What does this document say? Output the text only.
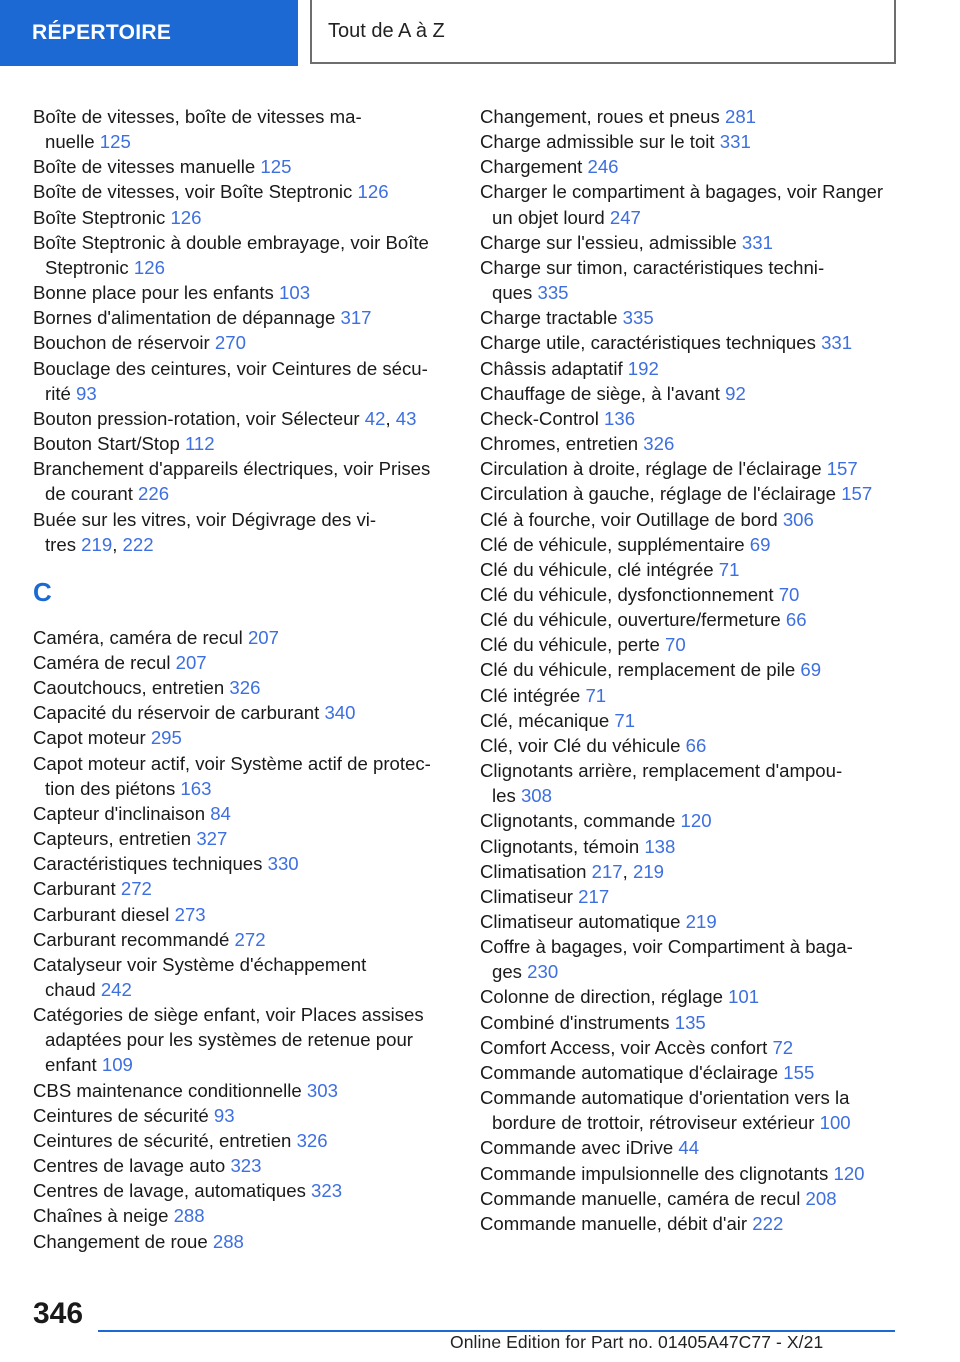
RÉPERTOIRE	Tout de A à Z

Boîte de vitesses, boîte de vitesses ma-
nuelle 125

Boîte de vitesses manuelle 125

Boîte de vitesses, voir Boîte Steptronic 126

Boîte Steptronic 126

Boîte Steptronic à double embrayage, voir Boîte
Steptronic 126

Bonne place pour les enfants 103

Bornes d'alimentation de dépannage 317

Bouchon de réservoir 270

Bouclage des ceintures, voir Ceintures de sécu-
rité 93

Bouton pression-rotation, voir Sélecteur 42, 43

Bouton Start/Stop 112

Branchement d'appareils électriques, voir Prises
de courant 226

Buée sur les vitres, voir Dégivrage des vi-
tres 219, 222

C

Caméra, caméra de recul 207

Caméra de recul 207

Caoutchoucs, entretien 326

Capacité du réservoir de carburant 340

Capot moteur 295

Capot moteur actif, voir Système actif de protec-
tion des piétons 163

Capteur d'inclinaison 84

Capteurs, entretien 327

Caractéristiques techniques 330

Carburant 272

Carburant diesel 273

Carburant recommandé 272

Catalyseur voir Système d'échappement
chaud 242

Catégories de siège enfant, voir Places assises
adaptées pour les systèmes de retenue pour
enfant 109

CBS maintenance conditionnelle 303

Ceintures de sécurité 93

Ceintures de sécurité, entretien 326

Centres de lavage auto 323

Centres de lavage, automatiques 323

Chaînes à neige 288

Changement de roue 288

Changement, roues et pneus 281

Charge admissible sur le toit 331

Chargement 246

Charger le compartiment à bagages, voir Ranger
un objet lourd 247

Charge sur l'essieu, admissible 331

Charge sur timon, caractéristiques techni-
ques 335

Charge tractable 335

Charge utile, caractéristiques techniques 331

Châssis adaptatif 192

Chauffage de siège, à l'avant 92

Check-Control 136

Chromes, entretien 326

Circulation à droite, réglage de l'éclairage 157

Circulation à gauche, réglage de l'éclairage 157

Clé à fourche, voir Outillage de bord 306

Clé de véhicule, supplémentaire 69

Clé du véhicule, clé intégrée 71

Clé du véhicule, dysfonctionnement 70

Clé du véhicule, ouverture/fermeture 66

Clé du véhicule, perte 70

Clé du véhicule, remplacement de pile 69

Clé intégrée 71

Clé, mécanique 71

Clé, voir Clé du véhicule 66

Clignotants arrière, remplacement d'ampou-
les 308

Clignotants, commande 120

Clignotants, témoin 138

Climatisation 217, 219

Climatiseur 217

Climatiseur automatique 219

Coffre à bagages, voir Compartiment à baga-
ges 230

Colonne de direction, réglage 101

Combiné d'instruments 135

Comfort Access, voir Accès confort 72

Commande automatique d'éclairage 155

Commande automatique d'orientation vers la
bordure de trottoir, rétroviseur extérieur 100

Commande avec iDrive 44

Commande impulsionnelle des clignotants 120

Commande manuelle, caméra de recul 208

Commande manuelle, débit d'air 222

346
Online Edition for Part no. 01405A47C77 - X/21
